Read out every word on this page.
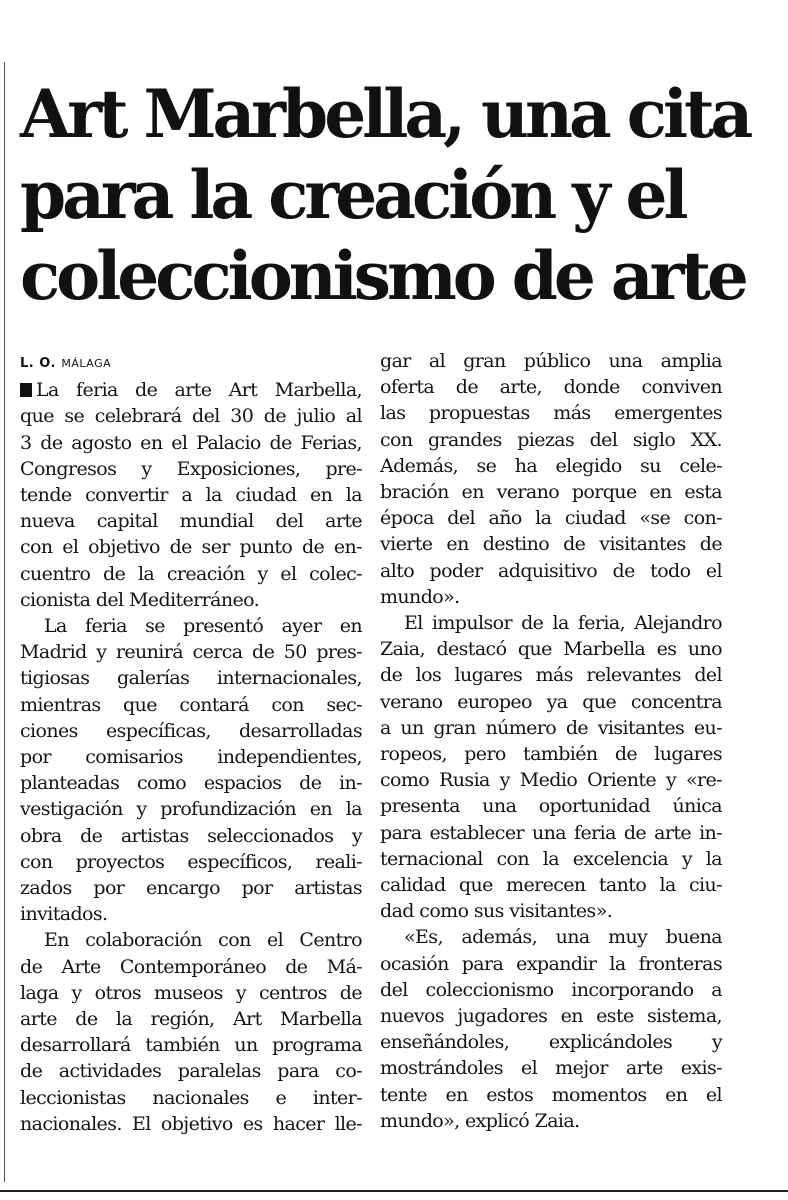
Art Marbella, una cita
para la creación y el
coleccionismo de arte
L. O. MÁLAGA
La feria de arte Art Marbella,
que se celebrará del 30 de julio al
3 de agosto en el Palacio de Ferias,
Congresos y Exposiciones, pre-
tende convertir a la ciudad en la
nueva capital mundial del arte
con el objetivo de ser punto de en-
cuentro de la creación y el colec-
cionista del Mediterráneo.
La feria se presentó ayer en
Madrid y reunirá cerca de 50 pres-
tigiosas galerías internacionales,
mientras que contará con sec-
ciones específicas, desarrolladas
por comisarios independientes,
planteadas como espacios de in-
vestigación y profundización en la
obra de artistas seleccionados y
con proyectos específicos, reali-
zados por encargo por artistas
invitados.
En colaboración con el Centro
de Arte Contemporáneo de Má-
laga y otros museos y centros de
arte de la región, Art Marbella
desarrollará también un programa
de actividades paralelas para co-
leccionistas nacionales e inter-
nacionales. El objetivo es hacer lle-
gar al gran público una amplia
oferta de arte, donde conviven
las propuestas más emergentes
con grandes piezas del siglo XX.
Además, se ha elegido su cele-
bración en verano porque en esta
época del año la ciudad «se con-
vierte en destino de visitantes de
alto poder adquisitivo de todo el
mundo».
El impulsor de la feria, Alejandro
Zaia, destacó que Marbella es uno
de los lugares más relevantes del
verano europeo ya que concentra
a un gran número de visitantes eu-
ropeos, pero también de lugares
como Rusia y Medio Oriente y «re-
presenta una oportunidad única
para establecer una feria de arte in-
ternacional con la excelencia y la
calidad que merecen tanto la ciu-
dad como sus visitantes».
«Es, además, una muy buena
ocasión para expandir la fronteras
del coleccionismo incorporando a
nuevos jugadores en este sistema,
enseñándoles, explicándoles y
mostrándoles el mejor arte exis-
tente en estos momentos en el
mundo», explicó Zaia.
